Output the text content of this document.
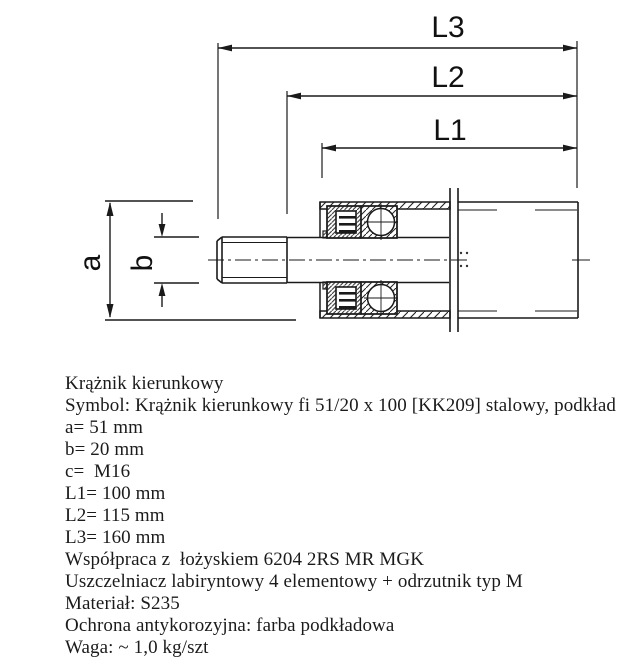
L3
L2
L1
a b
Krążnik kierunkowy
Symbol: Krążnik kierunkowy fi 51/20 x 100 [KK209] stalowy, podkład
a= 51 mm
b= 20 mm
c=  M16
L1= 100 mm
L2= 115 mm
L3= 160 mm
Współpraca z  łożyskiem 6204 2RS MR MGK
Uszczelniacz labiryntowy 4 elementowy + odrzutnik typ M
Materiał: S235
Ochrona antykorozyjna: farba podkładowa
Waga: ~ 1,0 kg/szt
